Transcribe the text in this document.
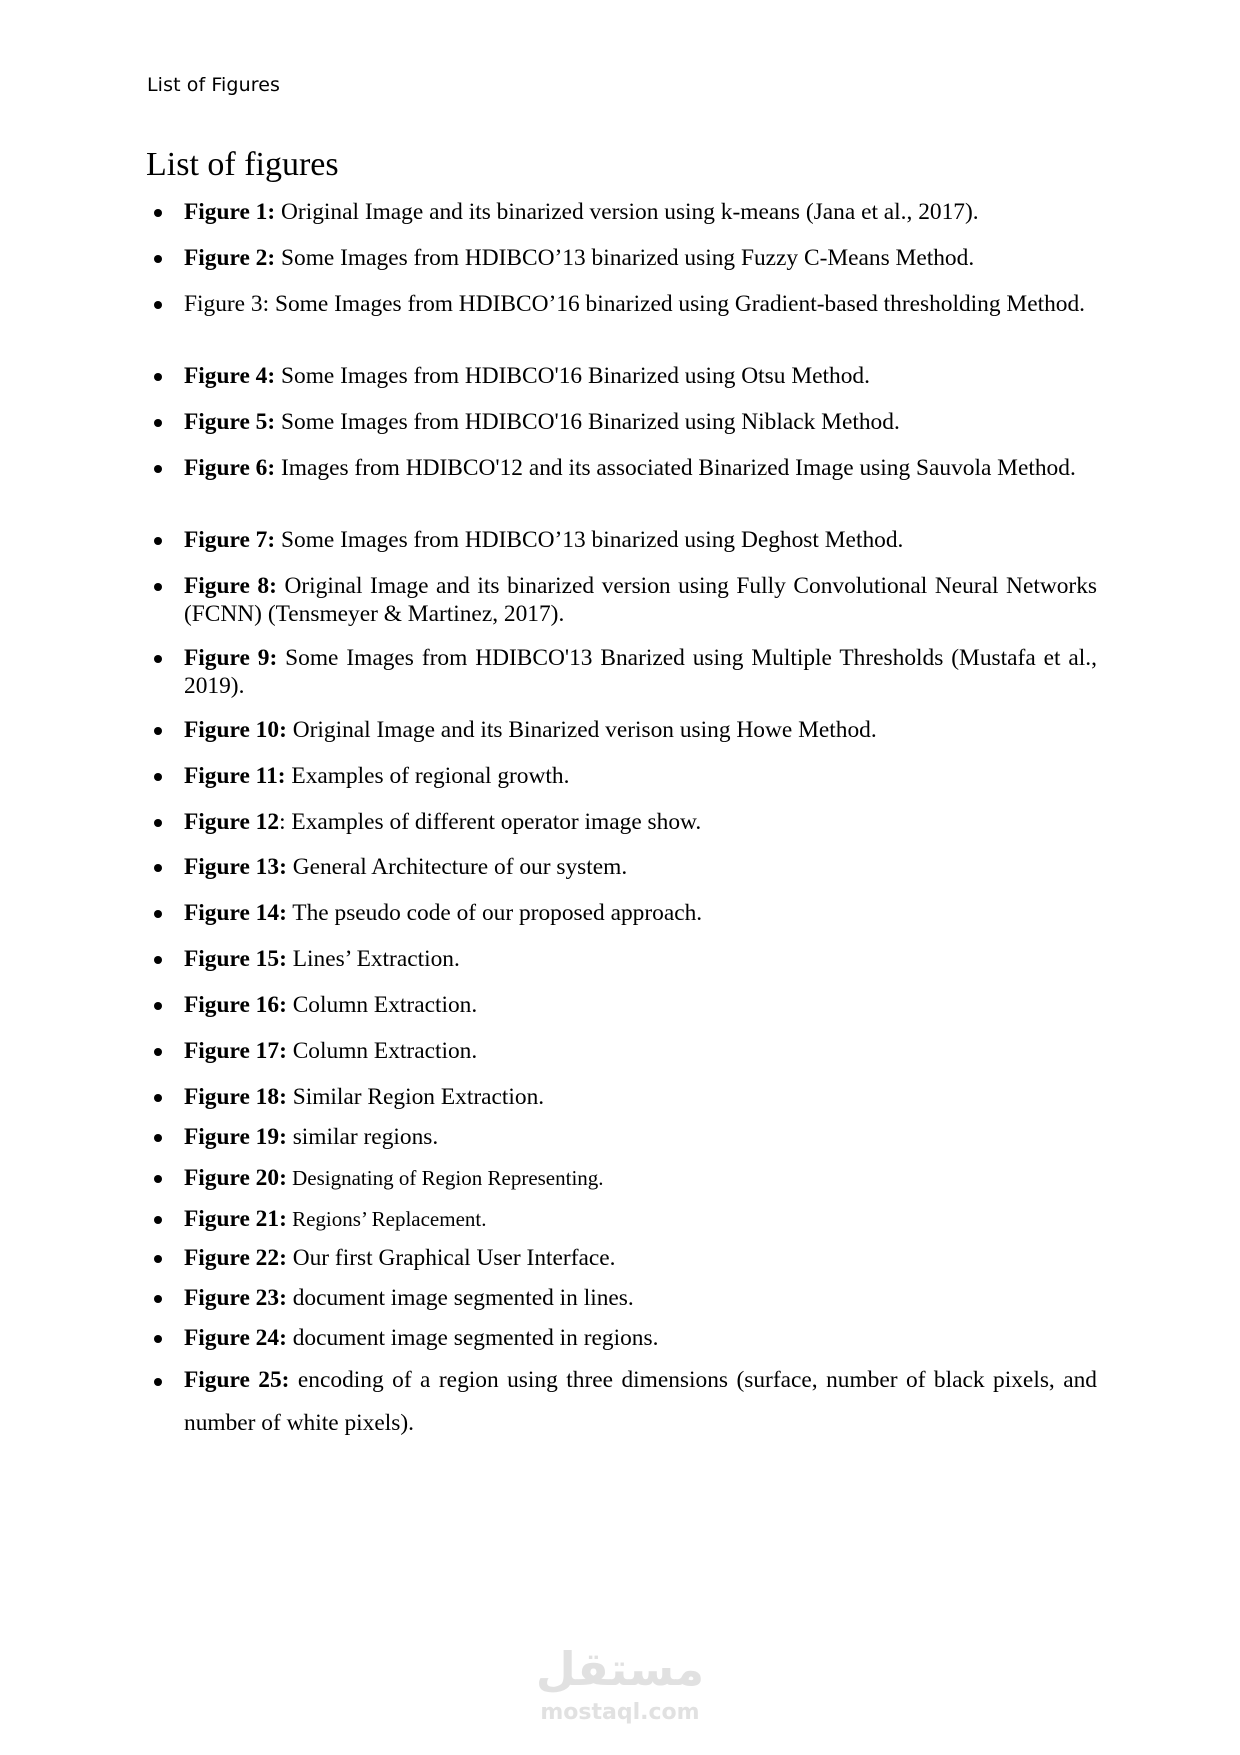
List of Figures
List of figures
Figure 1: Original Image and its binarized version using k-means (Jana et al., 2017).
Figure 2: Some Images from HDIBCO’13 binarized using Fuzzy C-Means Method.
Figure 3: Some Images from HDIBCO’16 binarized using Gradient-based thresholding Method.
Figure 4: Some Images from HDIBCO'16 Binarized using Otsu Method.
Figure 5: Some Images from HDIBCO'16 Binarized using Niblack Method.
Figure 6: Images from HDIBCO'12 and its associated Binarized Image using Sauvola Method.
Figure 7: Some Images from HDIBCO’13 binarized using Deghost Method.
Figure 8: Original Image and its binarized version using Fully Convolutional Neural Networks (FCNN) (Tensmeyer & Martinez, 2017).
Figure 9: Some Images from HDIBCO'13 Bnarized using Multiple Thresholds (Mustafa et al., 2019).
Figure 10: Original Image and its Binarized verison using Howe Method.
Figure 11: Examples of regional growth.
Figure 12: Examples of different operator image show.
Figure 13: General Architecture of our system.
Figure 14: The pseudo code of our proposed approach.
Figure 15: Lines’ Extraction.
Figure 16: Column Extraction.
Figure 17: Column Extraction.
Figure 18: Similar Region Extraction.
Figure 19: similar regions.
Figure 20: Designating of Region Representing.
Figure 21: Regions’ Replacement.
Figure 22: Our first Graphical User Interface.
Figure 23: document image segmented in lines.
Figure 24: document image segmented in regions.
Figure 25: encoding of a region using three dimensions (surface, number of black pixels, and number of white pixels).
مستقل
mostaql.com
